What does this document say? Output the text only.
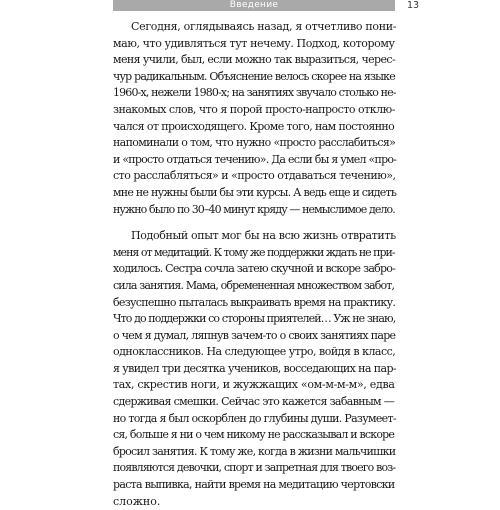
Введение	13
Сегодня, оглядываясь назад, я отчетливо пони-
маю, что удивляться тут нечему. Подход, которому
меня учили, был, если можно так выразиться, черес-
чур радикальным. Объяснение велось скорее на языке
1960-х, нежели 1980-х; на занятиях звучало столько не-
знакомых слов, что я порой просто-напросто отклю-
чался от происходящего. Кроме того, нам постоянно
напоминали о том, что нужно «просто расслабиться»
и «просто отдаться течению». Да если бы я умел «про-
сто расслабляться» и «просто отдаваться течению»,
мне не нужны были бы эти курсы. А ведь еще и сидеть
нужно было по 30–40 минут кряду — немыслимое дело.
Подобный опыт мог бы на всю жизнь отвратить
меня от медитаций. К тому же поддержки ждать не при-
ходилось. Сестра сочла затею скучной и вскоре забро-
сила занятия. Мама, обремененная множеством забот,
безуспешно пыталась выкраивать время на практику.
Что до поддержки со стороны приятелей… Уж не знаю,
о чем я думал, ляпнув зачем-то о своих занятиях паре
одноклассников. На следующее утро, войдя в класс,
я увидел три десятка учеников, восседающих на пар-
тах, скрестив ноги, и жужжащих «ом-м-м-м», едва
сдерживая смешки. Сейчас это кажется забавным —
но тогда я был оскорблен до глубины души. Разумеет-
ся, больше я ни о чем никому не рассказывал и вскоре
бросил занятия. К тому же, когда в жизни мальчишки
появляются девочки, спорт и запретная для твоего воз-
раста выпивка, найти время на медитацию чертовски
сложно.
